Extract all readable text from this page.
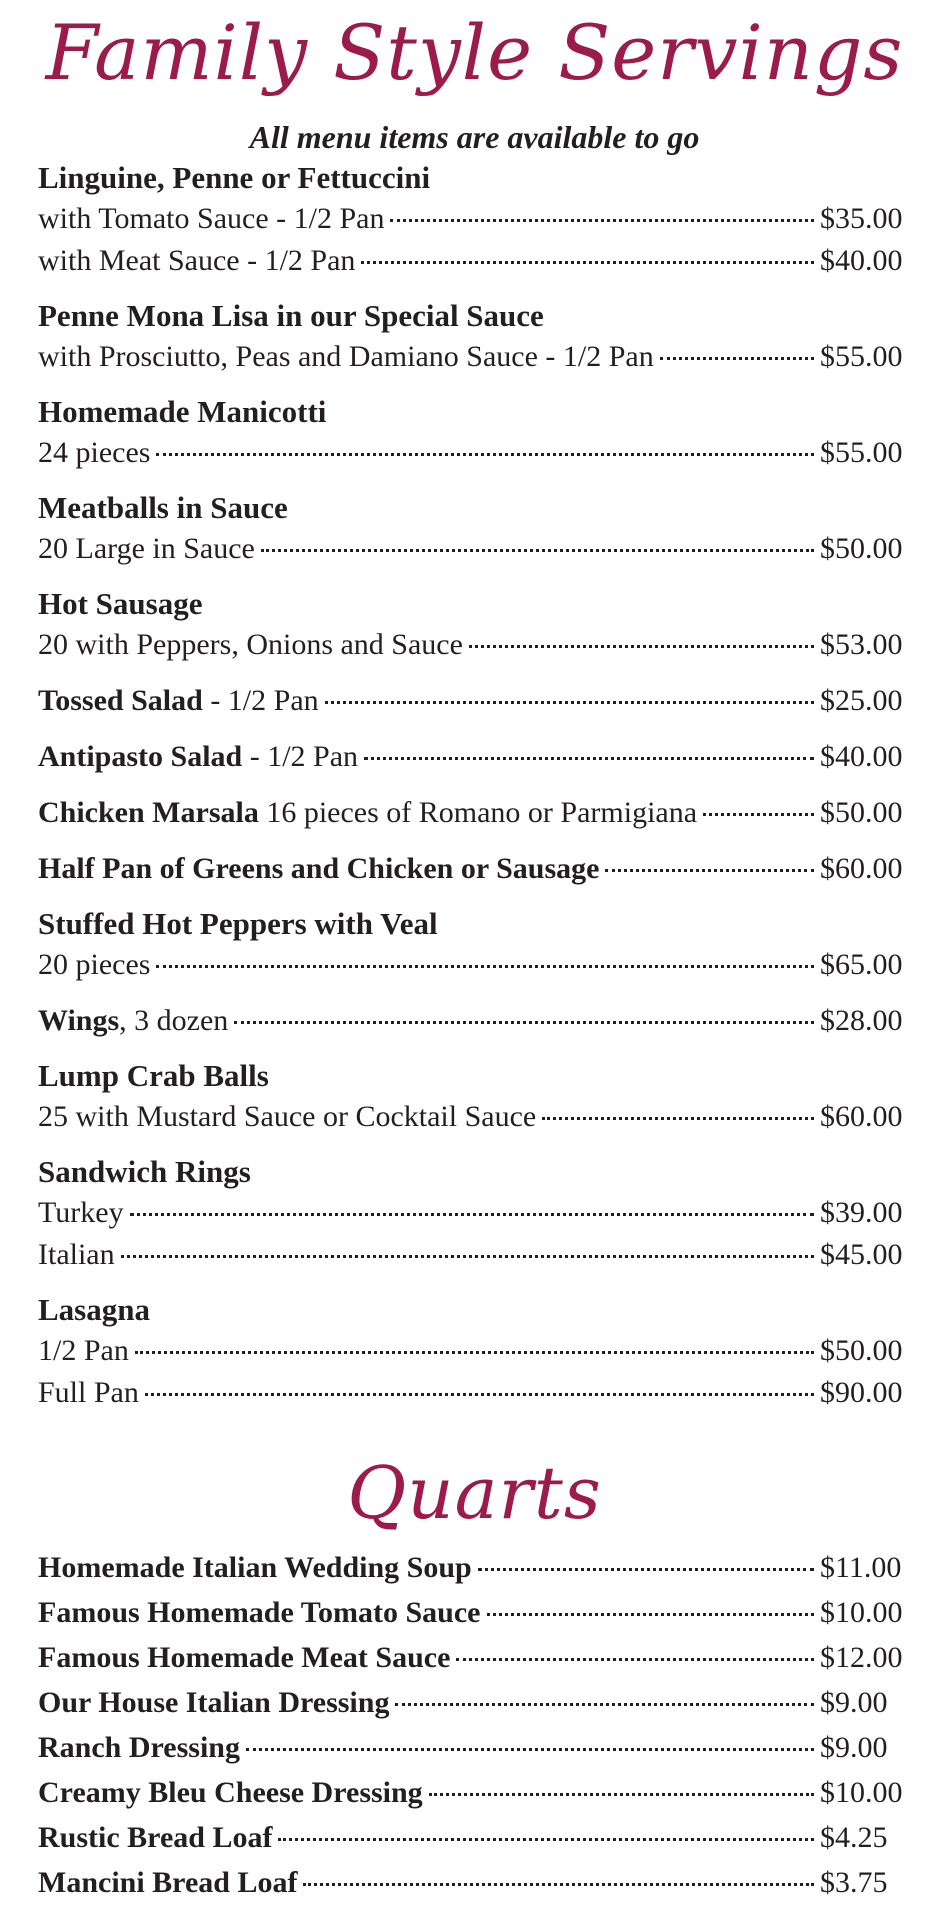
Family Style Servings
All menu items are available to go
Linguine, Penne or Fettuccini
with Tomato Sauce - 1/2 Pan	$35.00
with Meat Sauce - 1/2 Pan	$40.00
Penne Mona Lisa in our Special Sauce
with Prosciutto, Peas and Damiano Sauce - 1/2 Pan	$55.00
Homemade Manicotti
24 pieces	$55.00
Meatballs in Sauce
20 Large in Sauce	$50.00
Hot Sausage
20 with Peppers, Onions and Sauce	$53.00
Tossed Salad - 1/2 Pan	$25.00
Antipasto Salad - 1/2 Pan	$40.00
Chicken Marsala 16 pieces of Romano or Parmigiana	$50.00
Half Pan of Greens and Chicken or Sausage	$60.00
Stuffed Hot Peppers with Veal
20 pieces	$65.00
Wings, 3 dozen	$28.00
Lump Crab Balls
25 with Mustard Sauce or Cocktail Sauce	$60.00
Sandwich Rings
Turkey	$39.00
Italian	$45.00
Lasagna
1/2 Pan	$50.00
Full Pan	$90.00
Quarts
Homemade Italian Wedding Soup	$11.00
Famous Homemade Tomato Sauce	$10.00
Famous Homemade Meat Sauce	$12.00
Our House Italian Dressing	$9.00
Ranch Dressing	$9.00
Creamy Bleu Cheese Dressing	$10.00
Rustic Bread Loaf	$4.25
Mancini Bread Loaf	$3.75
